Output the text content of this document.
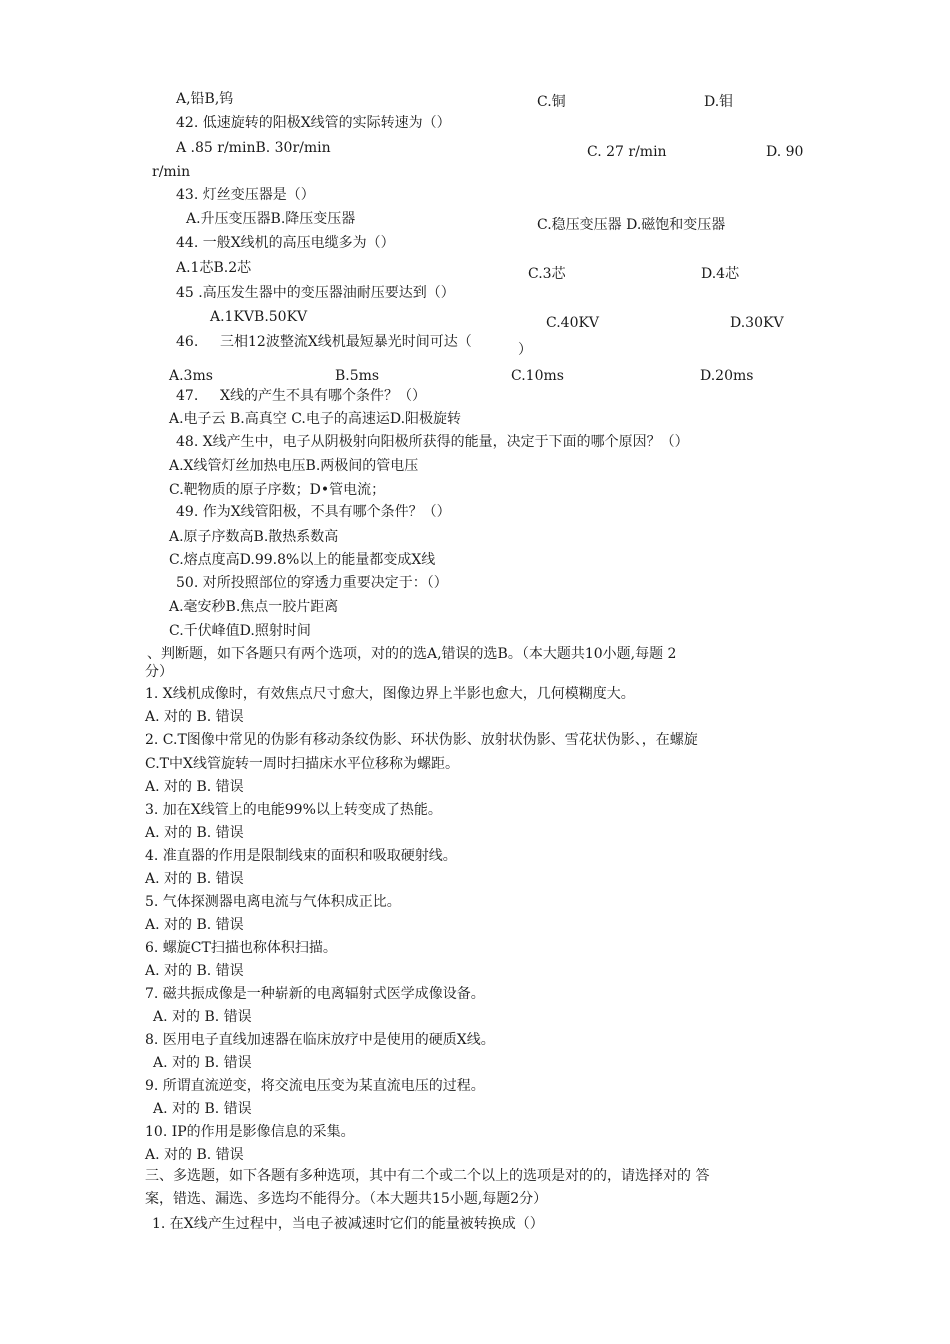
A,铅B,钨	C.铜	D.钼
42. 低速旋转的阳极X线管的实际转速为（）
A .85 r/minB. 30r/min	C. 27 r/min	D. 90
r/min
43. 灯丝变压器是（）
A.升压变压器B.降压变压器	C.稳压变压器 D.磁饱和变压器
44. 一般X线机的高压电缆多为（）
A.1芯B.2芯	C.3芯	D.4芯
45 .高压发生器中的变压器油耐压要达到（）
A.1KVB.50KV	C.40KV	D.30KV
46. 三相12波整流X线机最短暴光时间可达（	）
A.3ms	B.5ms	C.10ms	D.20ms
47. X线的产生不具有哪个条件？（）
A.电子云 B.高真空 C.电子的高速运D.阳极旋转
48. X线产生中，电子从阴极射向阳极所获得的能量，决定于下面的哪个原因？（）
A.X线管灯丝加热电压B.两极间的管电压
C.靶物质的原子序数；D•管电流；
49. 作为X线管阳极，不具有哪个条件？（）
A.原子序数高B.散热系数高
C.熔点度高D.99.8%以上的能量都变成X线
50. 对所投照部位的穿透力重要决定于：（）
A.毫安秒B.焦点一胶片距离
C.千伏峰值D.照射时间
、判断题，如下各题只有两个选项，对的的选A,错误的选B。（本大题共10小题,每题 2
分）
1. X线机成像时，有效焦点尺寸愈大，图像边界上半影也愈大，几何模糊度大。
A. 对的 B. 错误
2. C.T图像中常见的伪影有移动条纹伪影、环状伪影、放射状伪影、雪花状伪影、，在螺旋
C.T中X线管旋转一周时扫描床水平位移称为螺距。
A. 对的 B. 错误
3. 加在X线管上的电能99%以上转变成了热能。
A. 对的 B. 错误
4. 准直器的作用是限制线束的面积和吸取硬射线。
A. 对的 B. 错误
5. 气体探测器电离电流与气体积成正比。
A. 对的 B. 错误
6. 螺旋CT扫描也称体积扫描。
A. 对的 B. 错误
7. 磁共振成像是一种崭新的电离辐射式医学成像设备。
A. 对的 B. 错误
8. 医用电子直线加速器在临床放疗中是使用的硬质X线。
A. 对的 B. 错误
9. 所谓直流逆变，将交流电压变为某直流电压的过程。
A. 对的 B. 错误
10. IP的作用是影像信息的采集。
A. 对的 B. 错误
三、多选题，如下各题有多种选项，其中有二个或二个以上的选项是对的的，请选择对的 答
案，错选、漏选、多选均不能得分。（本大题共15小题,每题2分）
1. 在X线产生过程中，当电子被减速时它们的能量被转换成（）
